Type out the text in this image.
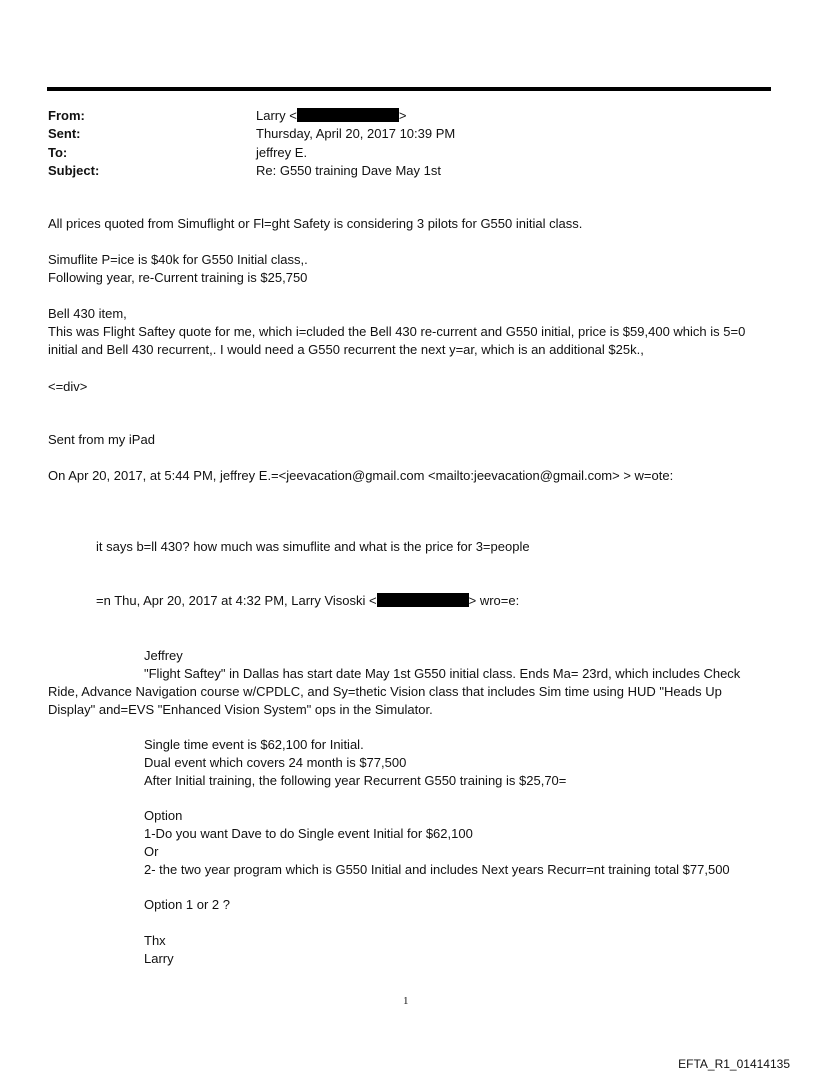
From:	Larry <	>
Sent:	Thursday, April 20, 2017 10:39 PM
To:	jeffrey E.
Subject:	Re: G550 training Dave May 1st
All prices quoted from Simuflight or Fl=ght Safety is considering 3 pilots for G550 initial class.
Simuflite P=ice is $40k for G550 Initial class,.
Following year, re-Current training is $25,750
Bell 430 item,
This was Flight Saftey quote for me, which i=cluded the Bell 430 re-current and G550 initial, price is $59,400 which is 5=0
initial and Bell 430 recurrent,. I would need a G550 recurrent the next y=ar, which is an additional $25k.,
<=div>
Sent from my iPad
On Apr 20, 2017, at 5:44 PM, jeffrey E.=<jeevacation@gmail.com <mailto:jeevacation@gmail.com> > w=ote:
it says b=ll 430? how much was simuflite and what is the price for 3=people
=n Thu, Apr 20, 2017 at 4:32 PM, Larry Visoski <	> wro=e:
Jeffrey
"Flight Saftey" in Dallas has start date May 1st G550 initial class. Ends Ma= 23rd, which includes Check
Ride, Advance Navigation course w/CPDLC, and Sy=thetic Vision class that includes Sim time using HUD "Heads Up
Display" and=EVS "Enhanced Vision System" ops in the Simulator.
Single time event is $62,100 for Initial.
Dual event which covers 24 month is $77,500
After Initial training, the following year Recurrent G550 training is $25,70=
Option
1-Do you want Dave to do Single event Initial for $62,100
Or
2- the two year program which is G550 Initial and includes Next years Recurr=nt training total $77,500
Option 1 or 2 ?
Thx
Larry
1
EFTA_R1_01414135
